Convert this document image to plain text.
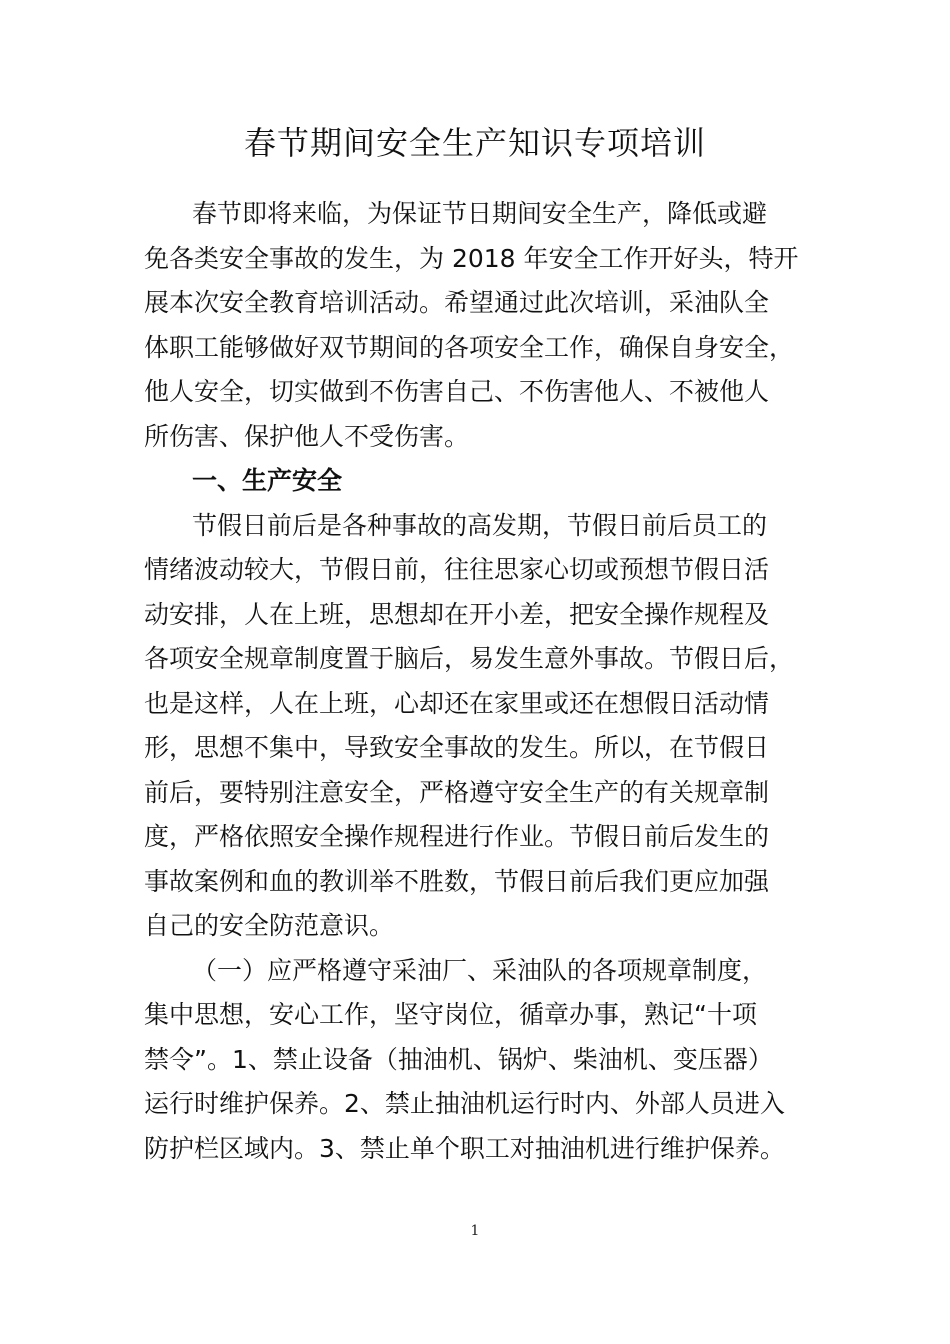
春节期间安全生产知识专项培训
春节即将来临，为保证节日期间安全生产，降低或避
免各类安全事故的发生，为 2018 年安全工作开好头，特开
展本次安全教育培训活动。希望通过此次培训，采油队全
体职工能够做好双节期间的各项安全工作，确保自身安全，
他人安全，切实做到不伤害自己、不伤害他人、不被他人
所伤害、保护他人不受伤害。
一、生产安全
节假日前后是各种事故的高发期，节假日前后员工的
情绪波动较大，节假日前，往往思家心切或预想节假日活
动安排，人在上班，思想却在开小差，把安全操作规程及
各项安全规章制度置于脑后，易发生意外事故。节假日后，
也是这样，人在上班，心却还在家里或还在想假日活动情
形，思想不集中，导致安全事故的发生。所以，在节假日
前后，要特别注意安全，严格遵守安全生产的有关规章制
度，严格依照安全操作规程进行作业。节假日前后发生的
事故案例和血的教训举不胜数，节假日前后我们更应加强
自己的安全防范意识。
（一）应严格遵守采油厂、采油队的各项规章制度，
集中思想，安心工作，坚守岗位，循章办事，熟记“十项
禁令”。1、禁止设备（抽油机、锅炉、柴油机、变压器）
运行时维护保养。2、禁止抽油机运行时内、外部人员进入
防护栏区域内。3、禁止单个职工对抽油机进行维护保养。
1
